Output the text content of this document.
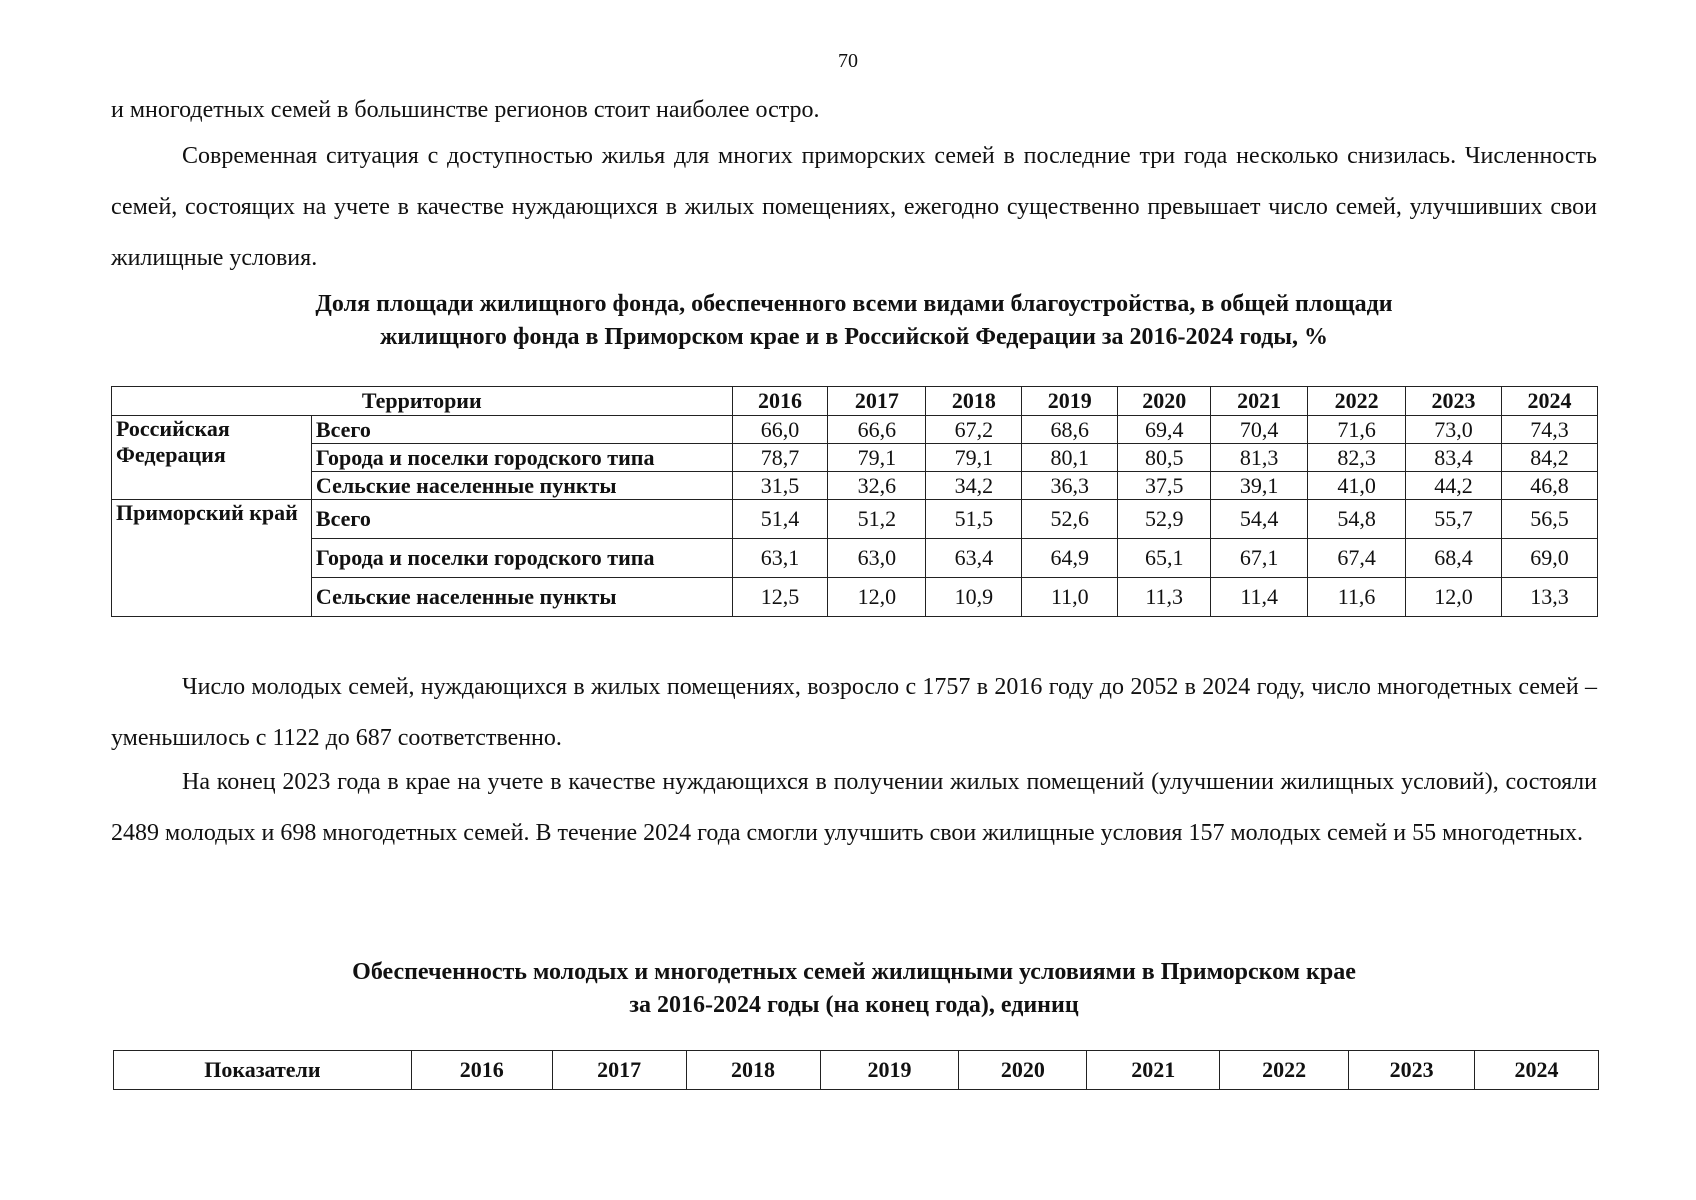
70

и многодетных семей в большинстве регионов стоит наиболее остро.

Современная ситуация с доступностью жилья для многих приморских семей в последние три года несколько снизилась. Численность семей, состоящих на учете в качестве нуждающихся в жилых помещениях, ежегодно существенно превышает число семей, улучшивших свои жилищные условия.

Доля площади жилищного фонда, обеспеченного всеми видами благоустройства, в общей площади
жилищного фонда в Приморском крае и в Российской Федерации за 2016-2024 годы, %
Территории		2016	2017	2018	2019	2020	2021	2022	2023	2024
Российская Федерация	Всего	66,0	66,6	67,2	68,6	69,4	70,4	71,6	73,0	74,3
	Города и поселки городского типа	78,7	79,1	79,1	80,1	80,5	81,3	82,3	83,4	84,2
	Сельские населенные пункты	31,5	32,6	34,2	36,3	37,5	39,1	41,0	44,2	46,8
Приморский край	Всего	51,4	51,2	51,5	52,6	52,9	54,4	54,8	55,7	56,5
	Города и поселки городского типа	63,1	63,0	63,4	64,9	65,1	67,1	67,4	68,4	69,0
	Сельские населенные пункты	12,5	12,0	10,9	11,0	11,3	11,4	11,6	12,0	13,3

Число молодых семей, нуждающихся в жилых помещениях, возросло с 1757 в 2016 году до 2052 в 2024 году, число многодетных семей – уменьшилось с 1122 до 687 соответственно.

На конец 2023 года в крае на учете в качестве нуждающихся в получении жилых помещений (улучшении жилищных условий), состояли 2489 молодых и 698 многодетных семей. В течение 2024 года смогли улучшить свои жилищные условия 157 молодых семей и 55 многодетных.

Обеспеченность молодых и многодетных семей жилищными условиями в Приморском крае
за 2016-2024 годы (на конец года), единиц
Показатели	2016	2017	2018	2019	2020	2021	2022	2023	2024
